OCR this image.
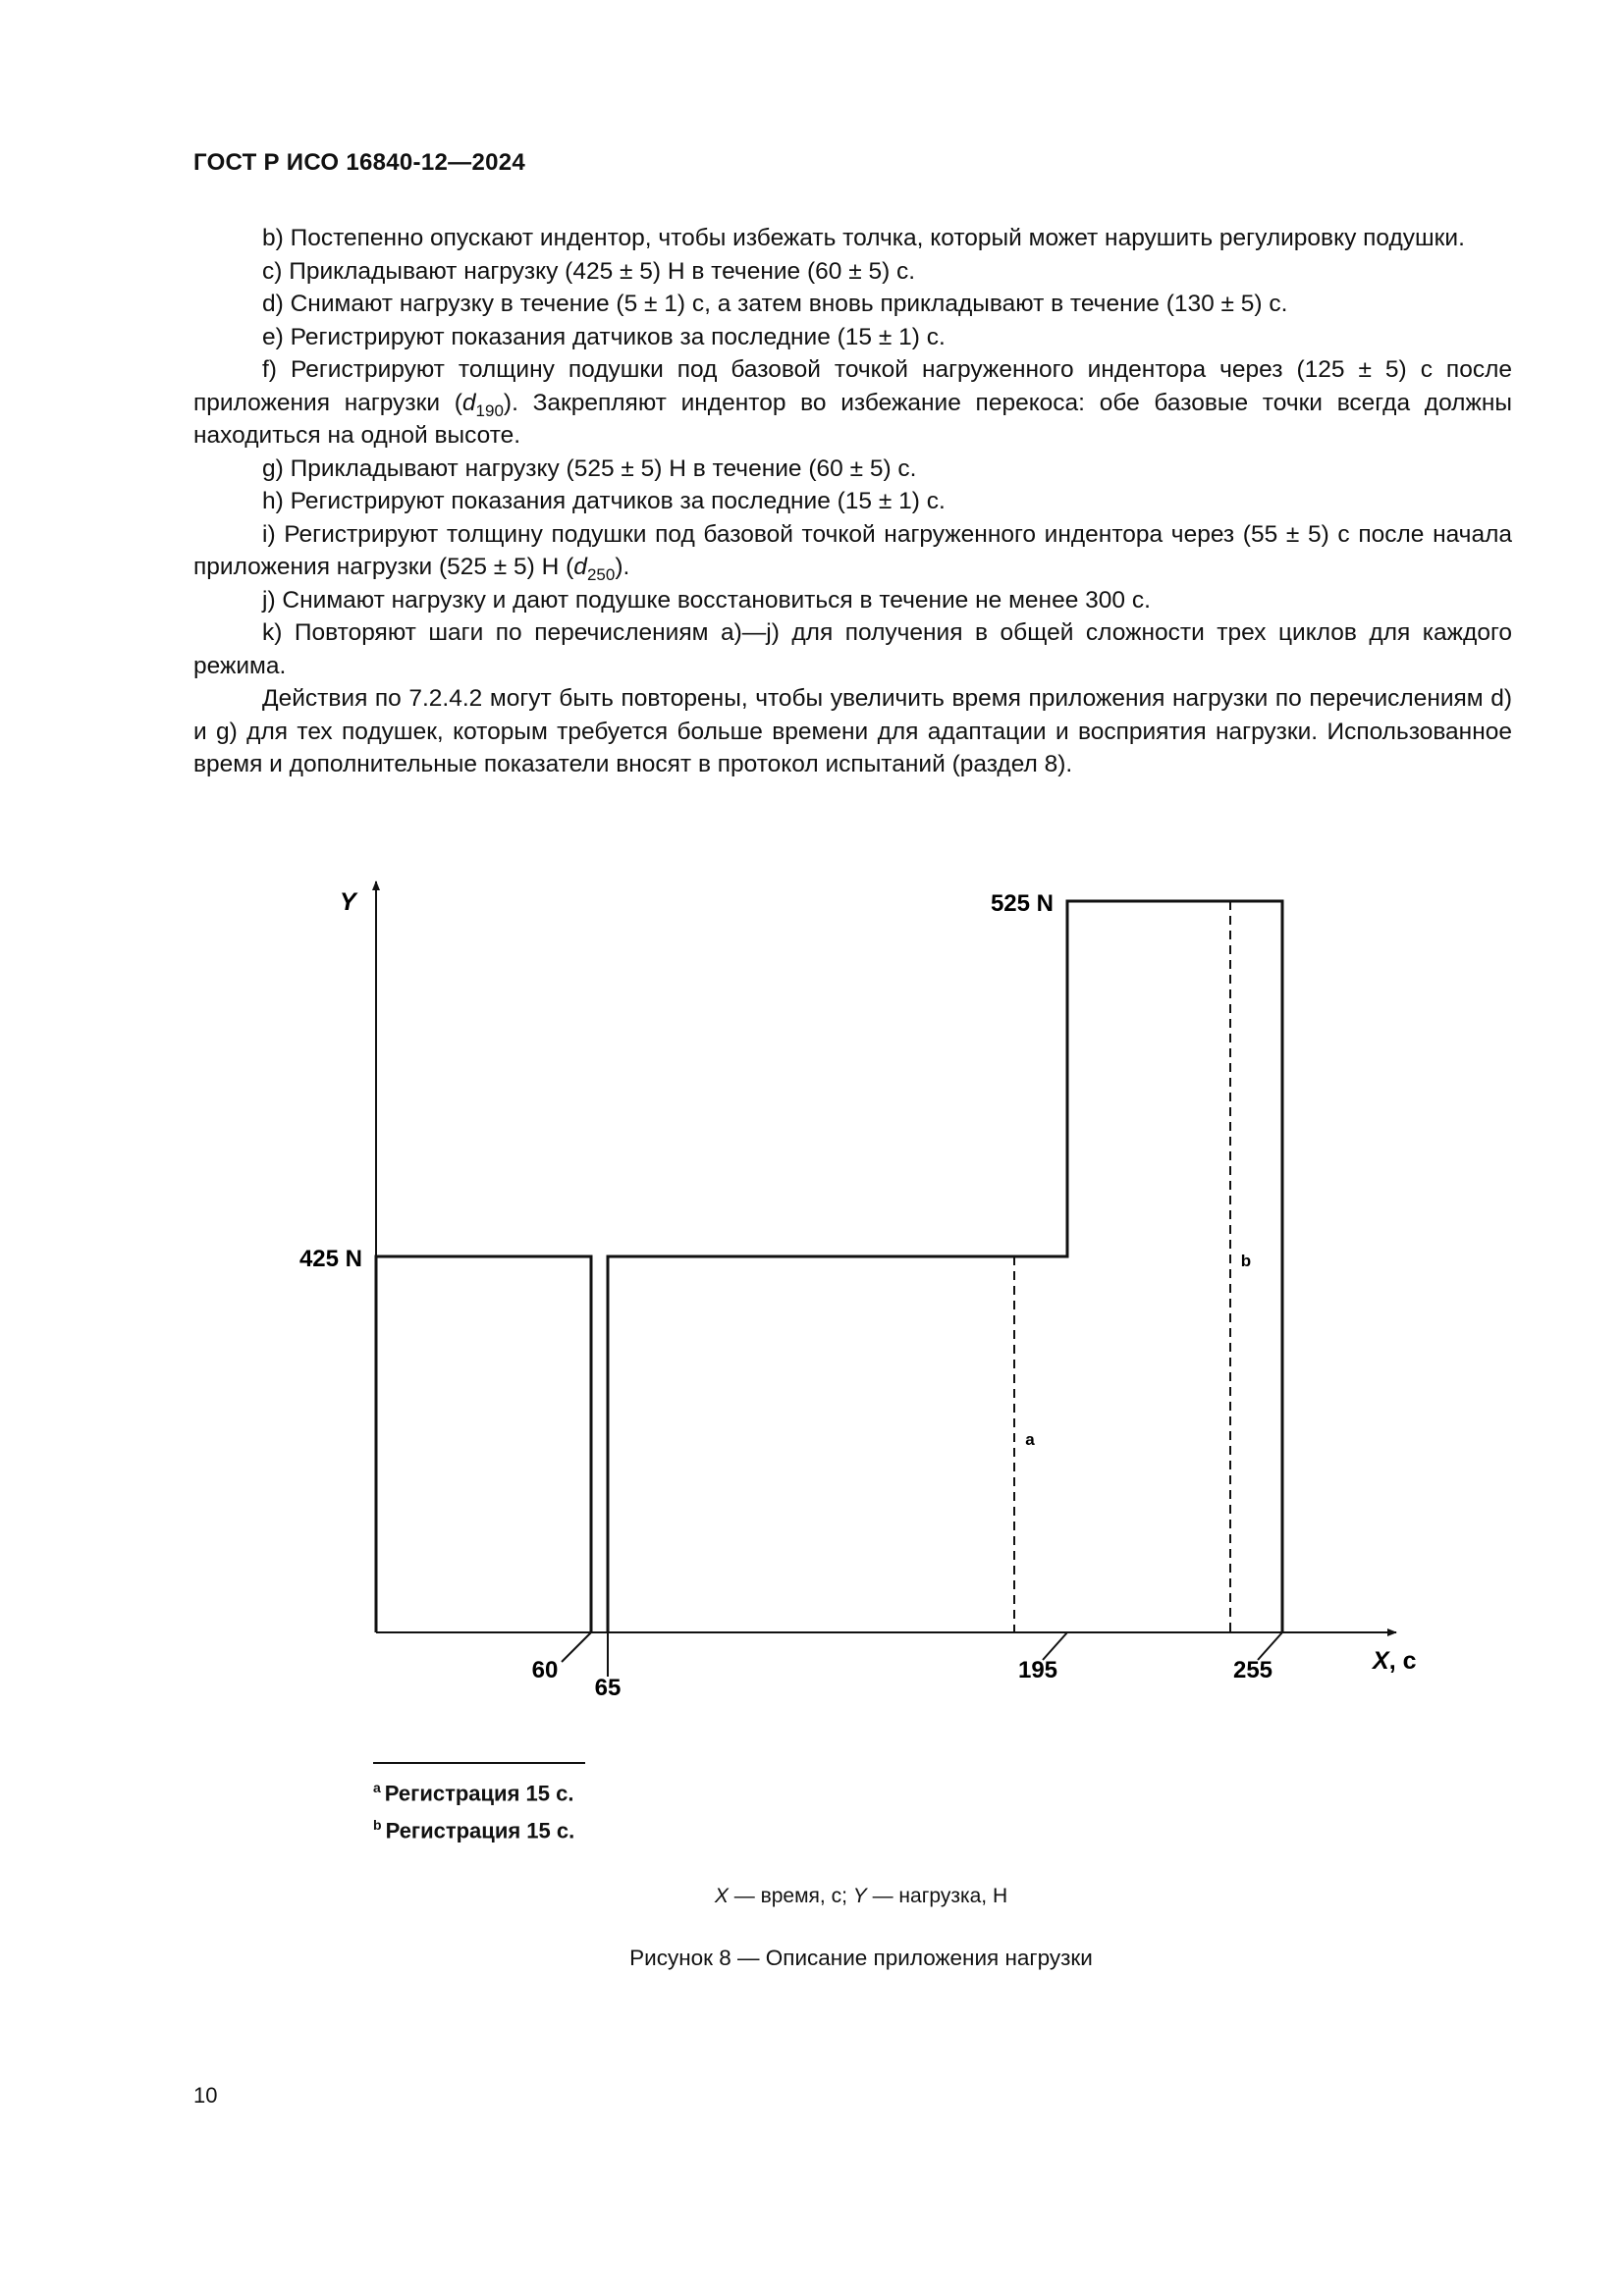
ГОСТ Р ИСО 16840-12—2024

b) Постепенно опускают индентор, чтобы избежать толчка, который может нарушить регулировку подушки.

c) Прикладывают нагрузку (425 ± 5) Н в течение (60 ± 5) с.

d) Снимают нагрузку в течение (5 ± 1) с, а затем вновь прикладывают в течение (130 ± 5) с.

e) Регистрируют показания датчиков за последние (15 ± 1) с.

f) Регистрируют толщину подушки под базовой точкой нагруженного индентора через (125 ± 5) с после приложения нагрузки $(d_{190})$. Закрепляют индентор во избежание перекоса: обе базовые точки всегда должны находиться на одной высоте.

g) Прикладывают нагрузку (525 ± 5) Н в течение (60 ± 5) с.

h) Регистрируют показания датчиков за последние (15 ± 1) с.

i) Регистрируют толщину подушки под базовой точкой нагруженного индентора через (55 ± 5) с после начала приложения нагрузки (525 ± 5) Н $(d_{250})$.

j) Снимают нагрузку и дают подушке восстановиться в течение не менее 300 с.

k) Повторяют шаги по перечислениям a)—j) для получения в общей сложности трех циклов для каждого режима.

Действия по 7.2.4.2 могут быть повторены, чтобы увеличить время приложения нагрузки по перечислениям d) и g) для тех подушек, которым требуется больше времени для адаптации и восприятия нагрузки. Использованное время и дополнительные показатели вносят в протокол испытаний (раздел 8).

Y
425 N
525 N
60
65
195	255	X, с
a
b
$^a$ Регистрация 15 с.
$^b$ Регистрация 15 с.
X — время, с; Y — нагрузка, Н
Рисунок 8 — Описание приложения нагрузки
10
